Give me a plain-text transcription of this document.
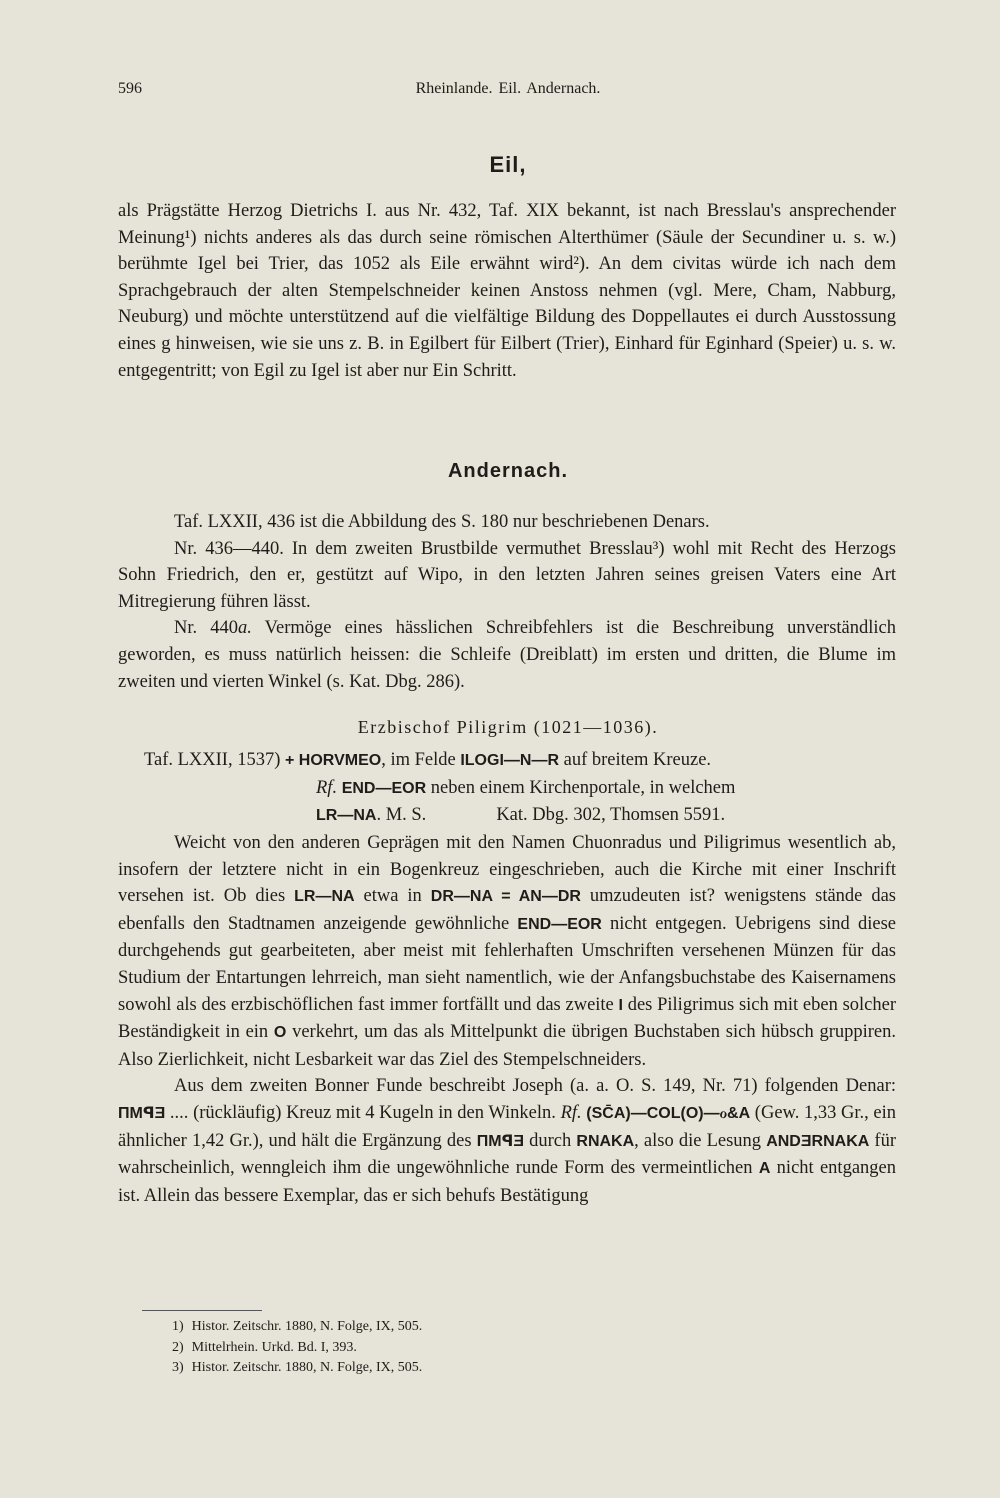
596	Rheinlande. Eil. Andernach.
Eil,

als Prägstätte Herzog Dietrichs I. aus Nr. 432, Taf. XIX bekannt, ist nach Bresslau's ansprechender Meinung¹) nichts anderes als das durch seine römischen Alterthümer (Säule der Secundiner u. s. w.) berühmte Igel bei Trier, das 1052 als Eile erwähnt wird²). An dem civitas würde ich nach dem Sprachgebrauch der alten Stempelschneider keinen Anstoss nehmen (vgl. Mere, Cham, Nabburg, Neuburg) und möchte unterstützend auf die vielfältige Bildung des Doppellautes ei durch Ausstossung eines g hinweisen, wie sie uns z. B. in Egilbert für Eilbert (Trier), Einhard für Eginhard (Speier) u. s. w. entgegentritt; von Egil zu Igel ist aber nur Ein Schritt.

Andernach.

Taf. LXXII, 436 ist die Abbildung des S. 180 nur beschriebenen Denars.

Nr. 436—440. In dem zweiten Brustbilde vermuthet Bresslau³) wohl mit Recht des Herzogs Sohn Friedrich, den er, gestützt auf Wipo, in den letzten Jahren seines greisen Vaters eine Art Mitregierung führen lässt.

Nr. 440a. Vermöge eines hässlichen Schreibfehlers ist die Beschreibung unverständlich geworden, es muss natürlich heissen: die Schleife (Dreiblatt) im ersten und dritten, die Blume im zweiten und vierten Winkel (s. Kat. Dbg. 286).

Erzbischof Piligrim (1021—1036).
Taf. LXXII, 1537) + HORVMEO, im Felde ILOGI—N—R auf breitem Kreuze.
Rf. END—EOR neben einem Kirchenportale, in welchem
LR—NA. M. S.	Kat. Dbg. 302, Thomsen 5591.

Weicht von den anderen Geprägen mit den Namen Chuonradus und Piligrimus wesentlich ab, insofern der letztere nicht in ein Bogenkreuz eingeschrieben, auch die Kirche mit einer Inschrift versehen ist. Ob dies LR—NA etwa in DR—NA = AN—DR umzudeuten ist? wenigstens stände das ebenfalls den Stadtnamen anzeigende gewöhnliche END—EOR nicht entgegen. Uebrigens sind diese durchgehends gut gearbeiteten, aber meist mit fehlerhaften Umschriften versehenen Münzen für das Studium der Entartungen lehrreich, man sieht namentlich, wie der Anfangsbuchstabe des Kaisernamens sowohl als des erzbischöflichen fast immer fortfällt und das zweite I des Piligrimus sich mit eben solcher Beständigkeit in ein O verkehrt, um das als Mittelpunkt die übrigen Buchstaben sich hübsch gruppiren. Also Zierlichkeit, nicht Lesbarkeit war das Ziel des Stempelschneiders.

Aus dem zweiten Bonner Funde beschreibt Joseph (a. a. O. S. 149, Nr. 71) folgenden Denar: ΠMꟼƎ .... (rückläufig) Kreuz mit 4 Kugeln in den Winkeln. Rf. (SC̄A)—COL(O)—ℴ&A (Gew. 1,33 Gr., ein ähnlicher 1,42 Gr.), und hält die Ergänzung des ΠMꟼƎ durch RNAKA, also die Lesung ANDƎRNAKA für wahrscheinlich, wenngleich ihm die ungewöhnliche runde Form des vermeintlichen A nicht entgangen ist. Allein das bessere Exemplar, das er sich behufs Bestätigung

1) Histor. Zeitschr. 1880, N. Folge, IX, 505.
2) Mittelrhein. Urkd. Bd. I, 393.
3) Histor. Zeitschr. 1880, N. Folge, IX, 505.
